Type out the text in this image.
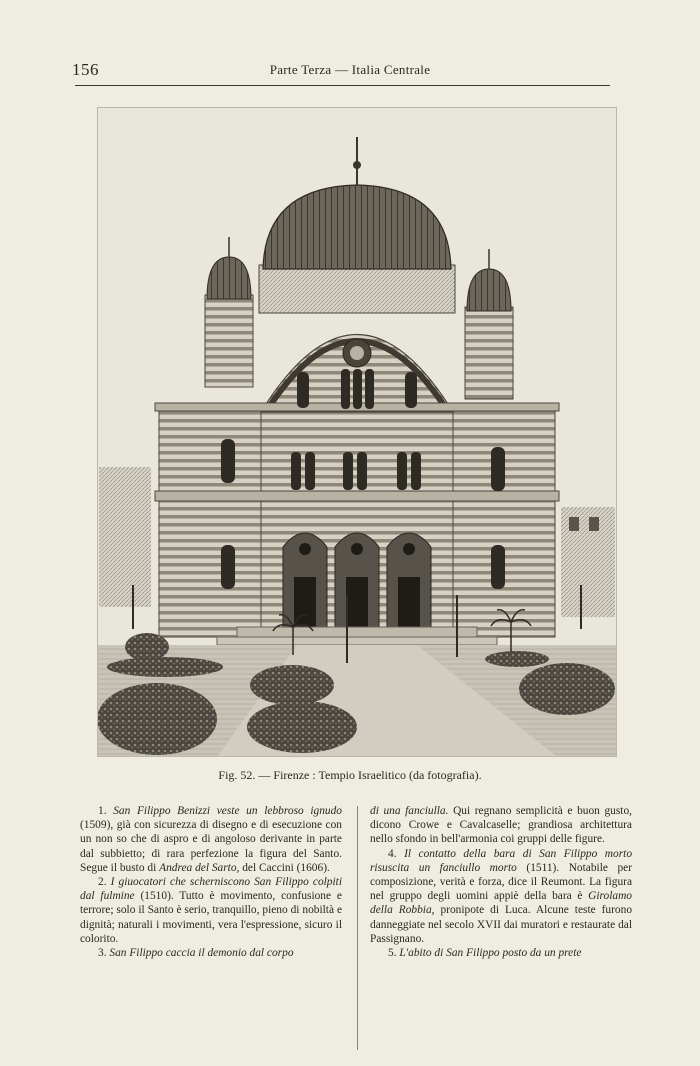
156	Parte Terza — Italia Centrale
Fig. 52. — Firenze : Tempio Israelitico (da fotografia).

1. San Filippo Benizzi veste un lebbroso ignudo (1509), già con sicurezza di disegno e di esecuzione con un non so che di aspro e di angoloso derivante in parte dal subbietto; di rara perfezione la figura del Santo. Segue il busto di Andrea del Sarto, del Caccini (1606).

2. I giuocatori che scherniscono San Filippo colpiti dal fulmine (1510). Tutto è movimento, confusione e terrore; solo il Santo è serio, tranquillo, pieno di nobiltà e dignità; naturali i movimenti, vera l'espressione, sicuro il colorito.

3. San Filippo caccia il demonio dal corpo

di una fanciulla. Qui regnano semplicità e buon gusto, dicono Crowe e Cavalcaselle; grandiosa architettura nello sfondo in bell'armonia coi gruppi delle figure.

4. Il contatto della bara di San Filippo morto risuscita un fanciullo morto (1511). Notabile per composizione, verità e forza, dice il Reumont. La figura nel gruppo degli uomini appiè della bara è Girolamo della Robbia, pronipote di Luca. Alcune teste furono danneggiate nel secolo XVII dai muratori e restaurate dal Passignano.

5. L'abito di San Filippo posto da un prete
